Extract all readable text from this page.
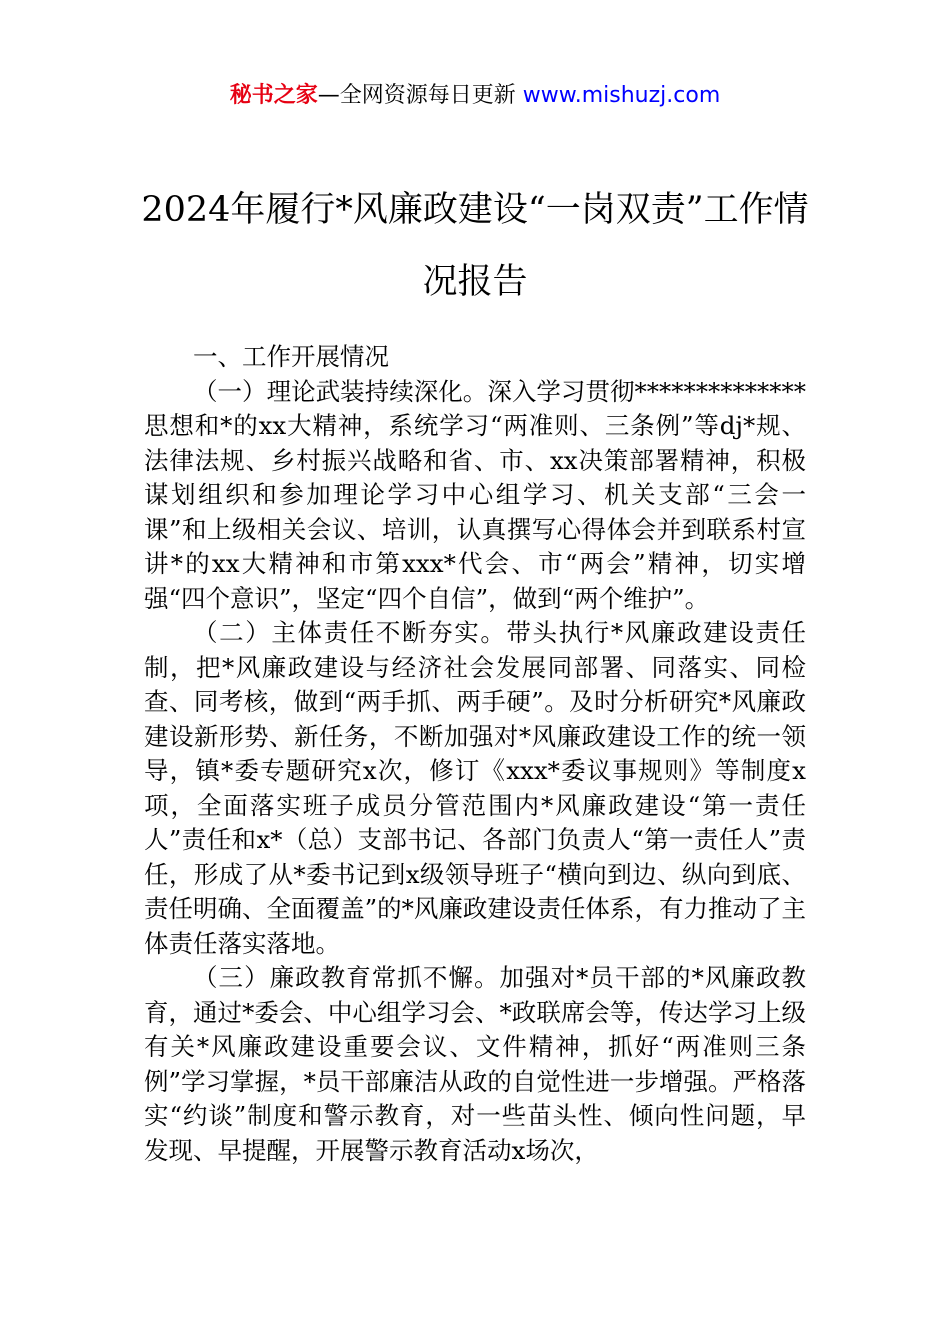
秘书之家—全网资源每日更新 www.mishuzj.com
2024年履行*风廉政建设“一岗双责”工作情况报告

一、工作开展情况

（一）理论武装持续深化。深入学习贯彻**************思想和*的xx大精神，系统学习“两准则、三条例”等dj*规、法律法规、乡村振兴战略和省、市、xx决策部署精神，积极谋划组织和参加理论学习中心组学习、机关支部“三会一课”和上级相关会议、培训，认真撰写心得体会并到联系村宣讲*的xx大精神和市第xxx*代会、市“两会”精神，切实增强“四个意识”，坚定“四个自信”，做到“两个维护”。

（二）主体责任不断夯实。带头执行*风廉政建设责任制，把*风廉政建设与经济社会发展同部署、同落实、同检查、同考核，做到“两手抓、两手硬”。及时分析研究*风廉政建设新形势、新任务，不断加强对*风廉政建设工作的统一领导，镇*委专题研究x次，修订《xxx*委议事规则》等制度x项，全面落实班子成员分管范围内*风廉政建设“第一责任人”责任和x*（总）支部书记、各部门负责人“第一责任人”责任，形成了从*委书记到x级领导班子“横向到边、纵向到底、责任明确、全面覆盖”的*风廉政建设责任体系，有力推动了主体责任落实落地。

（三）廉政教育常抓不懈。加强对*员干部的*风廉政教育，通过*委会、中心组学习会、*政联席会等，传达学习上级有关*风廉政建设重要会议、文件精神，抓好“两准则三条例”学习掌握，*员干部廉洁从政的自觉性进一步增强。严格落实“约谈”制度和警示教育，对一些苗头性、倾向性问题，早发现、早提醒，开展警示教育活动x场次，
